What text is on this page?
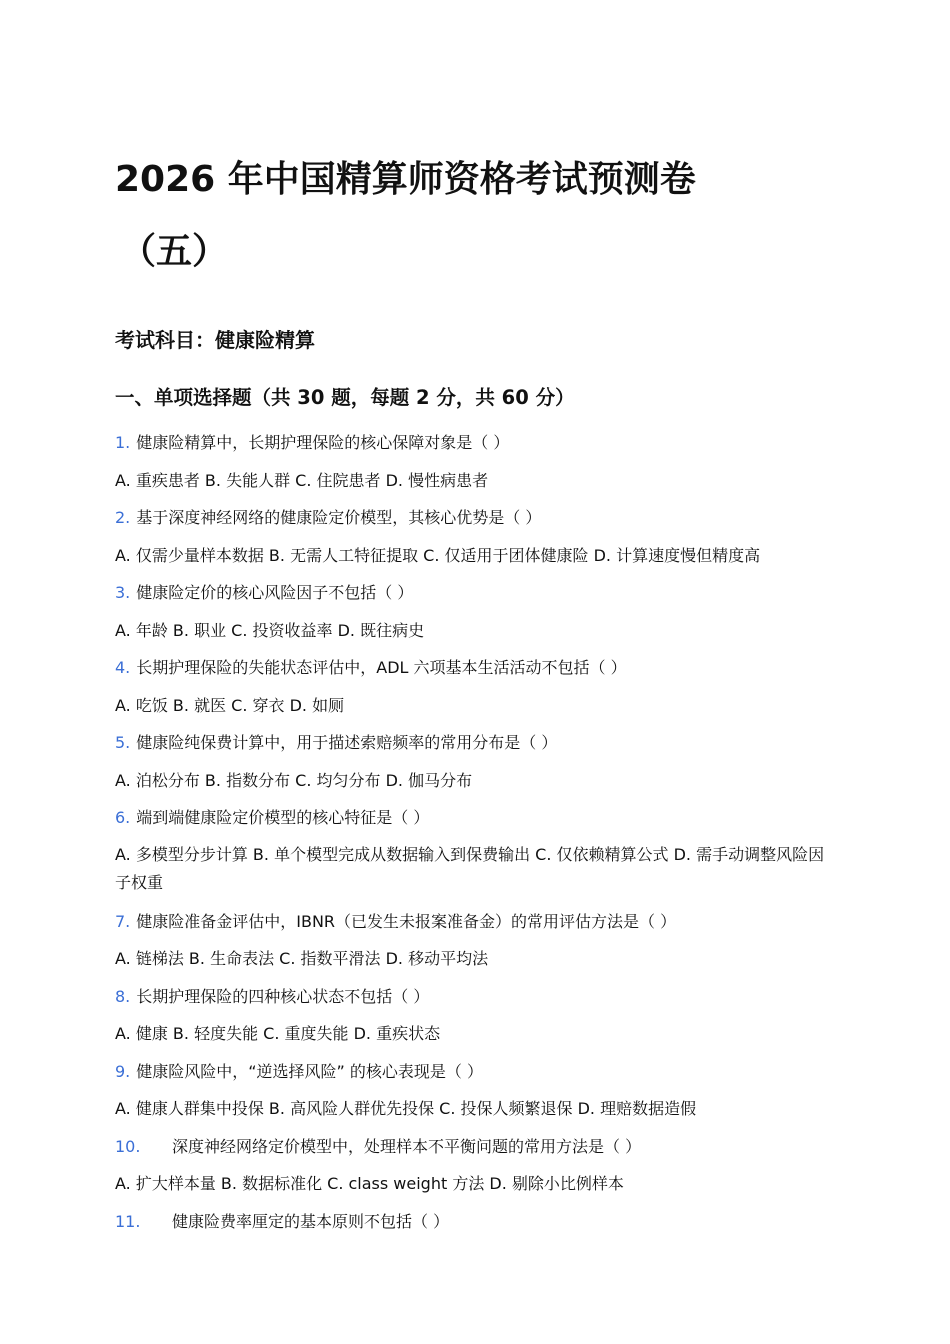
2026 年中国精算师资格考试预测卷
（五）
考试科目：健康险精算
一、单项选择题（共 30 题，每题 2 分，共 60 分）
1. 健康险精算中，长期护理保险的核心保障对象是（ ）
A. 重疾患者 B. 失能人群 C. 住院患者 D. 慢性病患者
2. 基于深度神经网络的健康险定价模型，其核心优势是（ ）
A. 仅需少量样本数据 B. 无需人工特征提取 C. 仅适用于团体健康险 D. 计算速度慢但精度高
3. 健康险定价的核心风险因子不包括（ ）
A. 年龄 B. 职业 C. 投资收益率 D. 既往病史
4. 长期护理保险的失能状态评估中，ADL 六项基本生活活动不包括（ ）
A. 吃饭 B. 就医 C. 穿衣 D. 如厕
5. 健康险纯保费计算中，用于描述索赔频率的常用分布是（ ）
A. 泊松分布 B. 指数分布 C. 均匀分布 D. 伽马分布
6. 端到端健康险定价模型的核心特征是（ ）
A. 多模型分步计算 B. 单个模型完成从数据输入到保费输出 C. 仅依赖精算公式 D. 需手动调整风险因子权重
7. 健康险准备金评估中，IBNR（已发生未报案准备金）的常用评估方法是（ ）
A. 链梯法 B. 生命表法 C. 指数平滑法 D. 移动平均法
8. 长期护理保险的四种核心状态不包括（ ）
A. 健康 B. 轻度失能 C. 重度失能 D. 重疾状态
9. 健康险风险中，“逆选择风险” 的核心表现是（ ）
A. 健康人群集中投保 B. 高风险人群优先投保 C. 投保人频繁退保 D. 理赔数据造假
10. 深度神经网络定价模型中，处理样本不平衡问题的常用方法是（ ）
A. 扩大样本量 B. 数据标准化 C. class weight 方法 D. 剔除小比例样本
11. 健康险费率厘定的基本原则不包括（ ）
